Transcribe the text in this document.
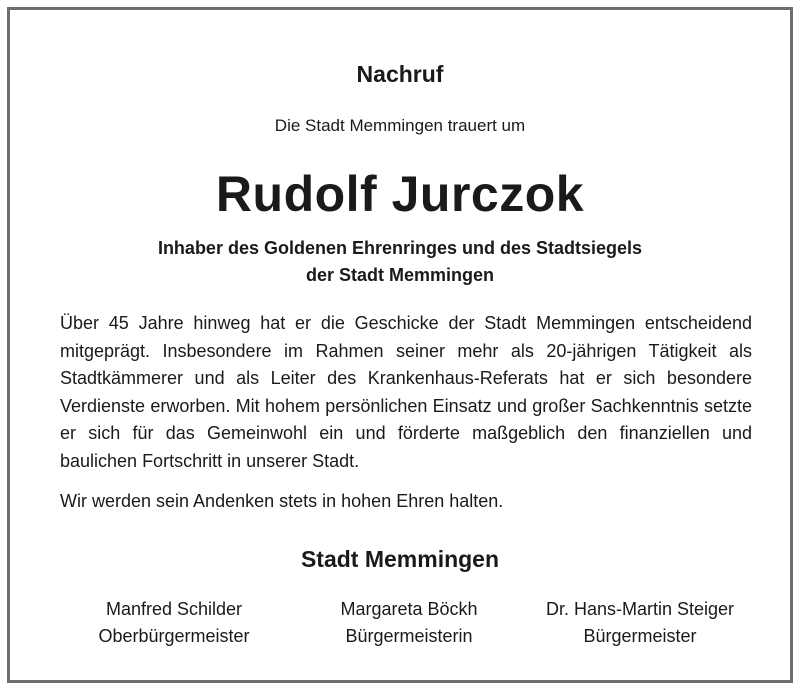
Nachruf
Die Stadt Memmingen trauert um
Rudolf Jurczok
Inhaber des Goldenen Ehrenringes und des Stadtsiegels
der Stadt Memmingen
Über 45 Jahre hinweg hat er die Geschicke der Stadt Memmingen entscheidend mitgeprägt. Insbesondere im Rahmen seiner mehr als 20-jährigen Tätigkeit als Stadtkämmerer und als Leiter des Krankenhaus-Referats hat er sich besondere Verdienste erworben. Mit hohem persönlichen Einsatz und großer Sachkenntnis setzte er sich für das Gemeinwohl ein und förderte maßgeblich den finanziellen und baulichen Fortschritt in unserer Stadt.
Wir werden sein Andenken stets in hohen Ehren halten.
Stadt Memmingen
Manfred Schilder
Oberbürgermeister
Margareta Böckh
Bürgermeisterin
Dr. Hans-Martin Steiger
Bürgermeister
